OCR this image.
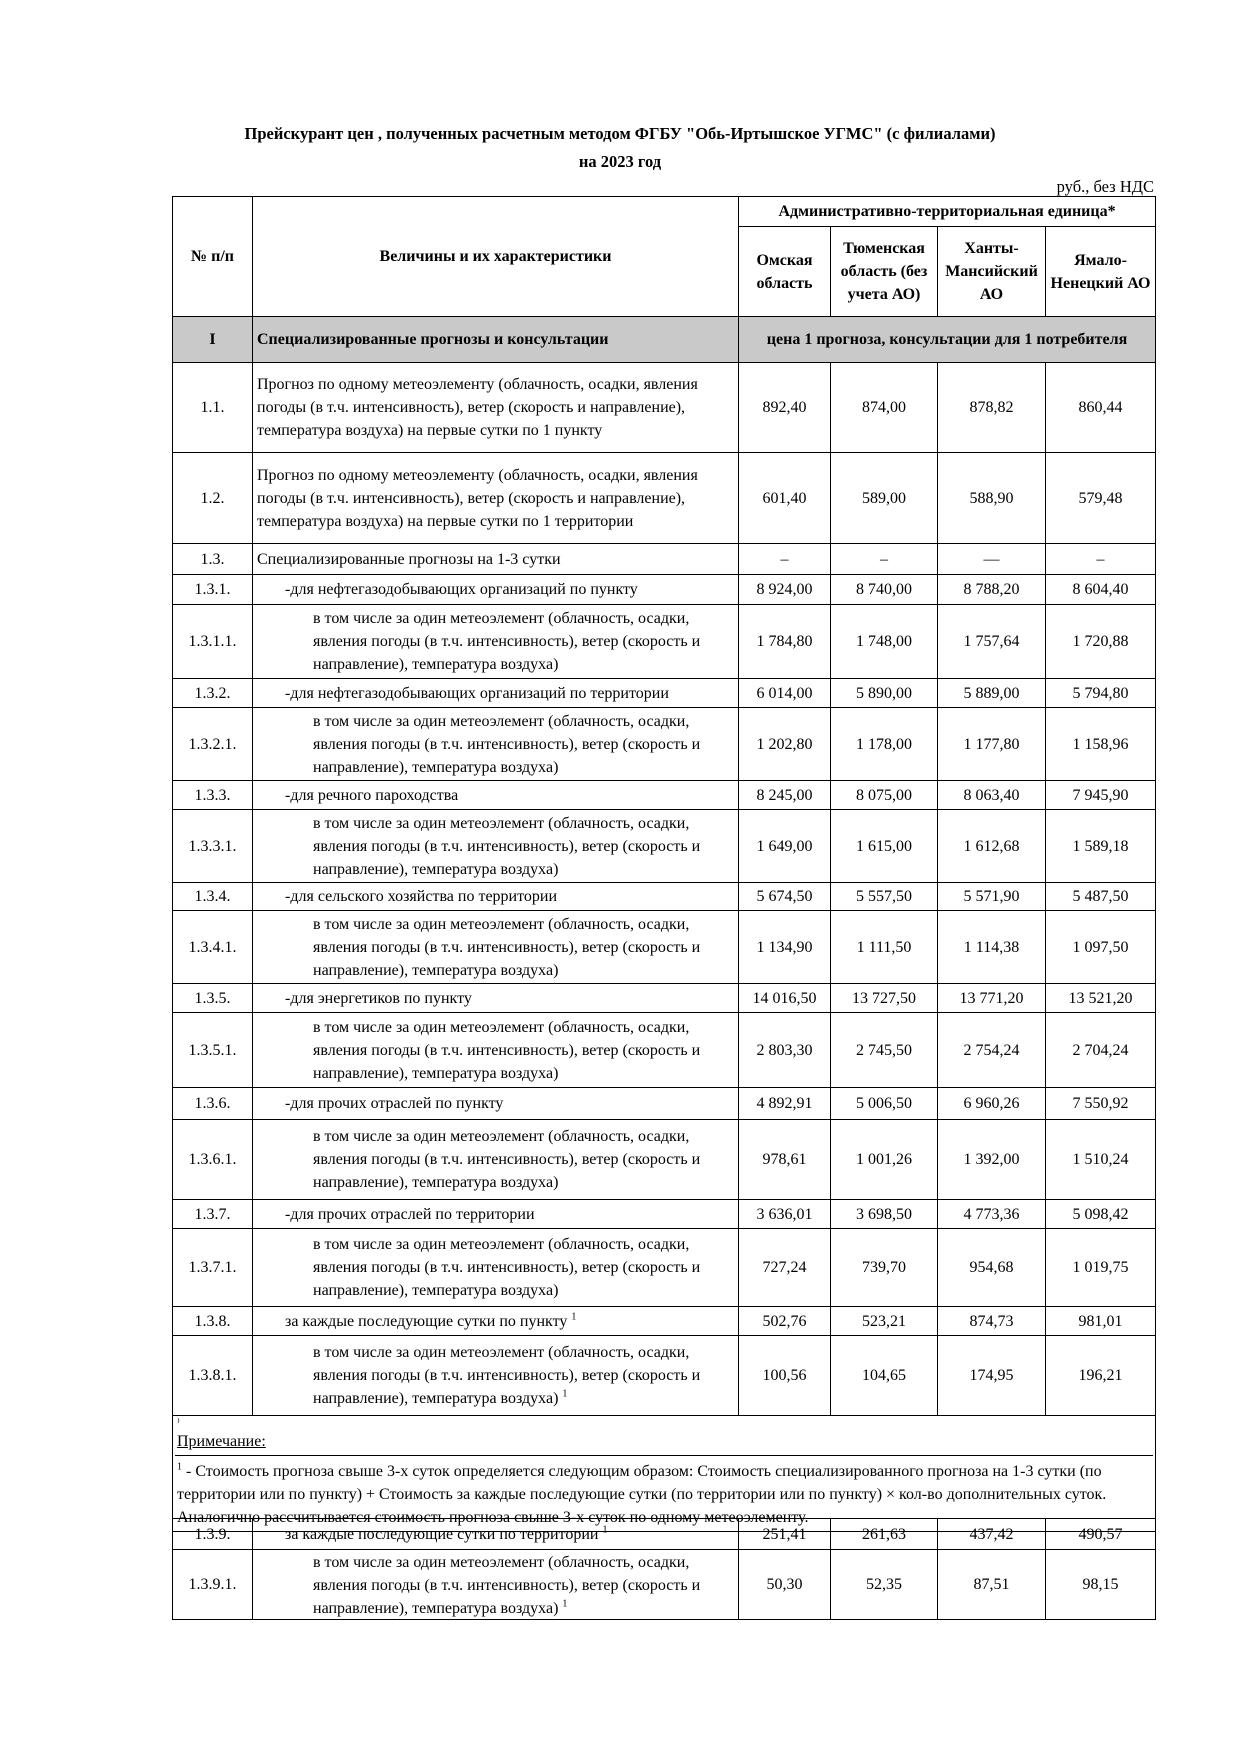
Прейскурант цен , полученных расчетным методом ФГБУ "Обь-Иртышское УГМС" (с филиалами)
на 2023 год
руб., без НДС
№ п/п	Величины и их характеристики	Административно-территориальная единица*			
		Омская область	Тюменская область (без учета АО)	Ханты-Мансийский АО	Ямало-Ненецкий АО
I	Специализированные прогнозы и консультации	цена 1 прогноза, консультации для 1 потребителя			
1.1.	Прогноз по одному метеоэлементу (облачность, осадки, явления погоды (в т.ч. интенсивность), ветер (скорость и направление), температура воздуха) на первые сутки по 1 пункту	892,40	874,00	878,82	860,44
1.2.	Прогноз по одному метеоэлементу (облачность, осадки, явления погоды (в т.ч. интенсивность), ветер (скорость и направление), температура воздуха) на первые сутки по 1 территории	601,40	589,00	588,90	579,48
1.3.	Специализированные прогнозы на 1-3 сутки	–	–	—	–
1.3.1.	-для нефтегазодобывающих организаций по пункту	8 924,00	8 740,00	8 788,20	8 604,40
1.3.1.1.	в том числе за один метеоэлемент (облачность, осадки, явления погоды (в т.ч. интенсивность), ветер (скорость и направление), температура воздуха)	1 784,80	1 748,00	1 757,64	1 720,88
1.3.2.	-для нефтегазодобывающих организаций по территории	6 014,00	5 890,00	5 889,00	5 794,80
1.3.2.1.	в том числе за один метеоэлемент (облачность, осадки, явления погоды (в т.ч. интенсивность), ветер (скорость и направление), температура воздуха)	1 202,80	1 178,00	1 177,80	1 158,96
1.3.3.	-для речного пароходства	8 245,00	8 075,00	8 063,40	7 945,90
1.3.3.1.	в том числе за один метеоэлемент (облачность, осадки, явления погоды (в т.ч. интенсивность), ветер (скорость и направление), температура воздуха)	1 649,00	1 615,00	1 612,68	1 589,18
1.3.4.	-для сельского хозяйства по территории	5 674,50	5 557,50	5 571,90	5 487,50
1.3.4.1.	в том числе за один метеоэлемент (облачность, осадки, явления погоды (в т.ч. интенсивность), ветер (скорость и направление), температура воздуха)	1 134,90	1 111,50	1 114,38	1 097,50
1.3.5.	-для энергетиков по пункту	14 016,50	13 727,50	13 771,20	13 521,20
1.3.5.1.	в том числе за один метеоэлемент (облачность, осадки, явления погоды (в т.ч. интенсивность), ветер (скорость и направление), температура воздуха)	2 803,30	2 745,50	2 754,24	2 704,24
1.3.6.	-для прочих отраслей по пункту	4 892,91	5 006,50	6 960,26	7 550,92
1.3.6.1.	в том числе за один метеоэлемент (облачность, осадки, явления погоды (в т.ч. интенсивность), ветер (скорость и направление), температура воздуха)	978,61	1 001,26	1 392,00	1 510,24
1.3.7.	-для прочих отраслей по территории	3 636,01	3 698,50	4 773,36	5 098,42
1.3.7.1.	в том числе за один метеоэлемент (облачность, осадки, явления погоды (в т.ч. интенсивность), ветер (скорость и направление), температура воздуха)	727,24	739,70	954,68	1 019,75
1.3.8.	за каждые последующие сутки по пункту $^1$	502,76	523,21	874,73	981,01
1.3.8.1.	в том числе за один метеоэлемент (облачность, осадки, явления погоды (в т.ч. интенсивность), ветер (скорость и направление), температура воздуха) $^1$	100,56	104,65	174,95	196,21

⁾					

Примечание:
$^1$ - Стоимость прогноза свыше 3-х суток определяется следующим образом: Стоимость специализированного прогноза на 1-3 сутки (по территории или по пункту) + Стоимость за каждые последующие сутки (по территории или по пункту) × кол-во дополнительных суток. Аналогично рассчитывается стоимость прогноза свыше 3-х суток по одному метеоэлементу.					
1.3.9.	за каждые последующие сутки по территории $^1$	251,41	261,63	437,42	490,57
1.3.9.1.	в том числе за один метеоэлемент (облачность, осадки, явления погоды (в т.ч. интенсивность), ветер (скорость и направление), температура воздуха) $^1$	50,30	52,35	87,51	98,15
